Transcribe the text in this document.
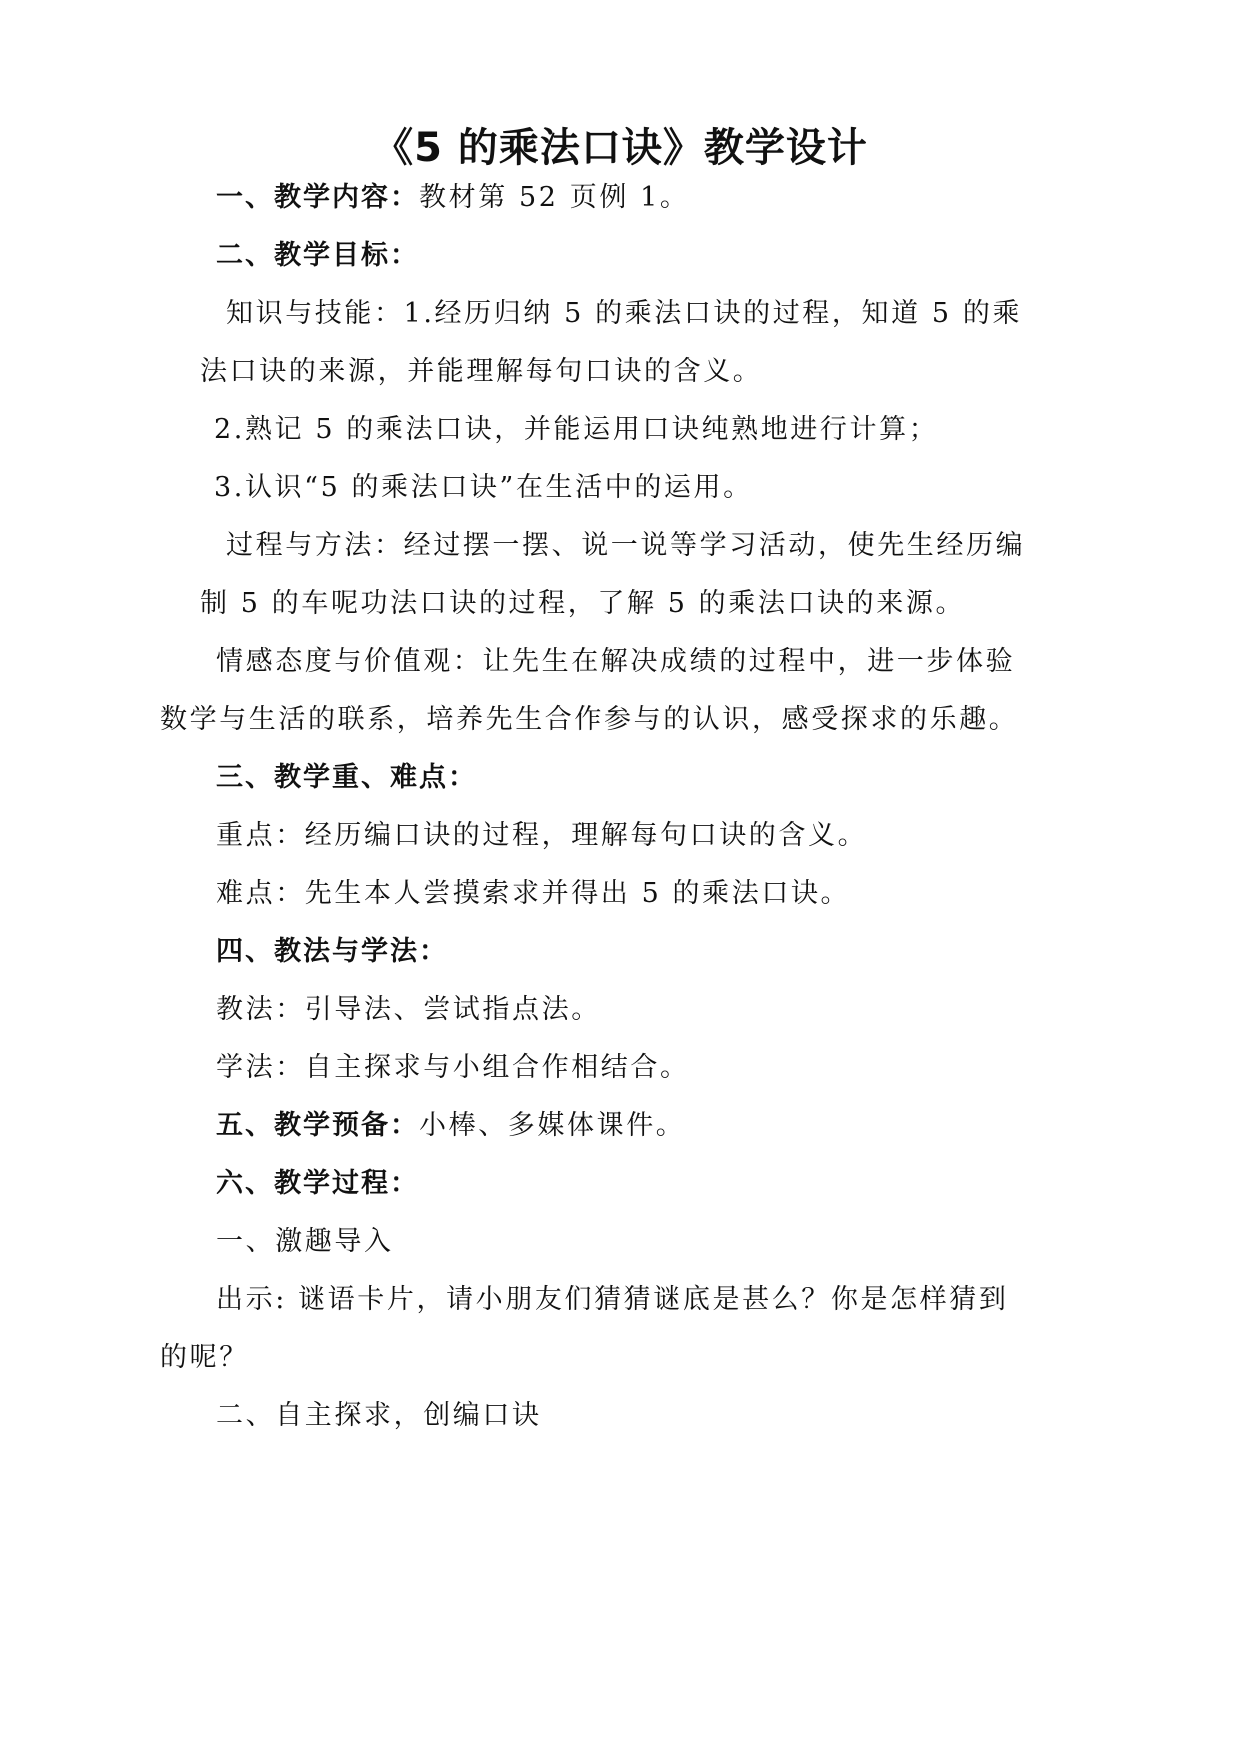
《5 的乘法口诀》教学设计

一、教学内容：教材第 52 页例 1。

二、教学目标：

知识与技能：1.经历归纳 5 的乘法口诀的过程，知道 5 的乘

法口诀的来源，并能理解每句口诀的含义。

2.熟记 5 的乘法口诀，并能运用口诀纯熟地进行计算；

3.认识“5 的乘法口诀”在生活中的运用。

过程与方法：经过摆一摆、说一说等学习活动，使先生经历编

制 5 的车呢功法口诀的过程，了解 5 的乘法口诀的来源。

情感态度与价值观：让先生在解决成绩的过程中，进一步体验

数学与生活的联系，培养先生合作参与的认识，感受探求的乐趣。

三、教学重、难点：

重点：经历编口诀的过程，理解每句口诀的含义。

难点：先生本人尝摸索求并得出 5 的乘法口诀。

四、教法与学法：

教法：引导法、尝试指点法。

学法：自主探求与小组合作相结合。

五、教学预备：小棒、多媒体课件。

六、教学过程：

一、激趣导入

出示: 谜语卡片，请小朋友们猜猜谜底是甚么？你是怎样猜到

的呢？

二、自主探求，创编口诀
